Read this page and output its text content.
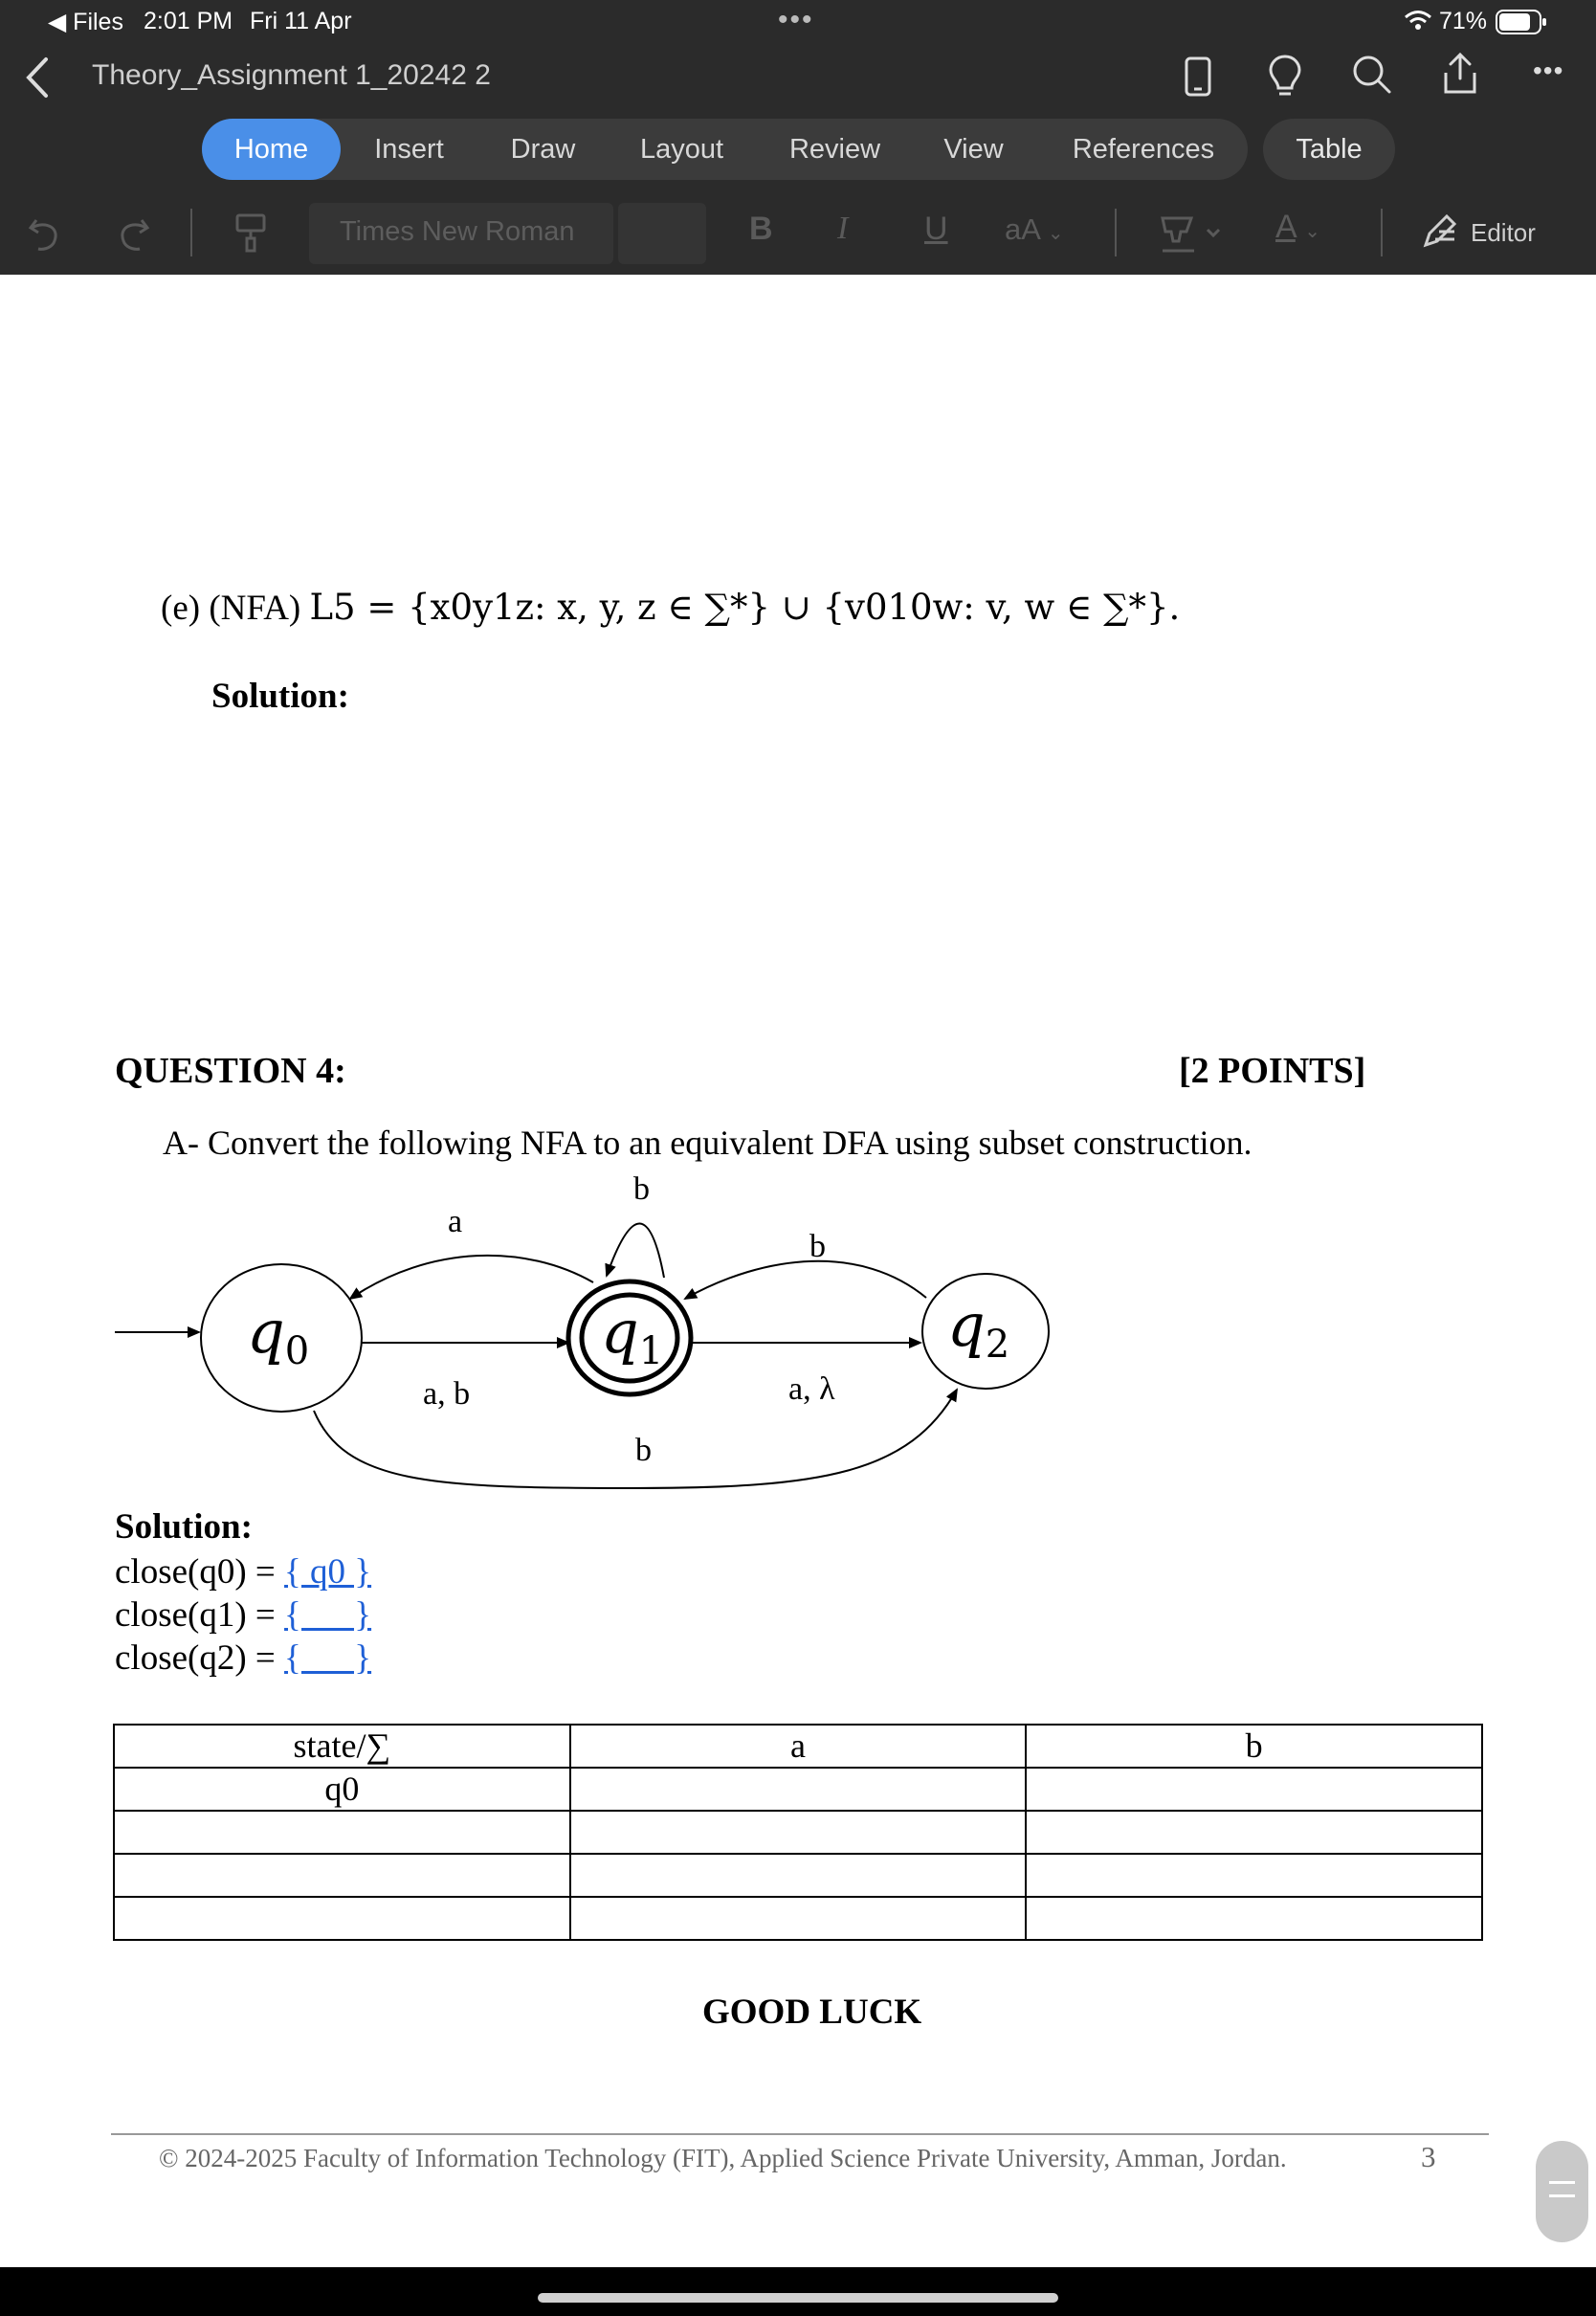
◀ Files 2:01 PM Fri 11 Apr	•••	71%
Theory_Assignment 1_20242 2	•••
Home	Insert	Draw	Layout	Review	View	References	Table
Times New Roman	B I U aA ⌄	A ⌄	Editor
(e) (NFA) L5 = {x0y1z: x, y, z ∈ ∑*} ∪ {v010w: v, w ∈ ∑*}.
Solution:
QUESTION 4:	[2 POINTS]
A- Convert the following NFA to an equivalent DFA using subset construction.
q0	q1	q2
b
a
b
a, b	a, λ
b
Solution:
close(q0) = { q0 }
close(q1) = {      }
close(q2) = {      }
state/∑	a	b
q0		

GOOD LUCK
© 2024-2025 Faculty of Information Technology (FIT), Applied Science Private University, Amman, Jordan.	3
